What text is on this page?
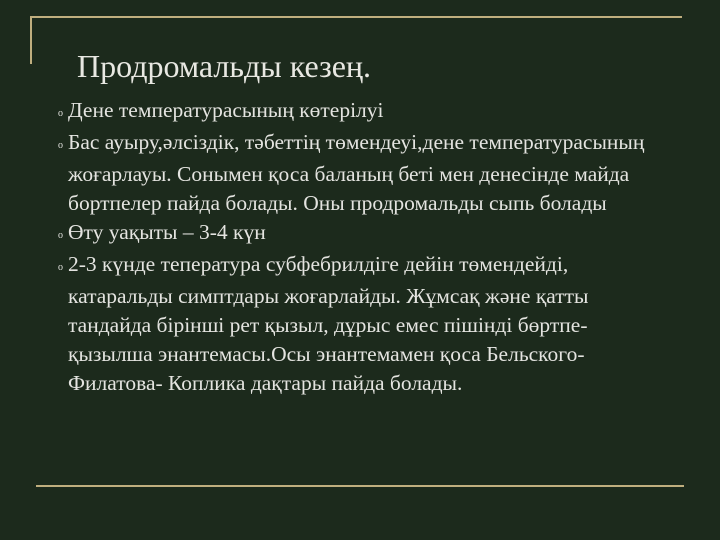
Продромальды кезең.

o Дене температурасының көтерілуі

o Бас ауыру,әлсіздік, тәбеттің төмендеуі,дене температурасының жоғарлауы. Сонымен қоса баланың беті мен денесінде майда бортпелер пайда болады. Оны продромальды сыпь болады

o Өту уақыты – 3-4 күн

o 2-3 күнде тепература субфебрилдіге дейін төмендейді, катаральды симптдары жоғарлайды. Жұмсақ және қатты тандайда бірінші рет қызыл, дұрыс емес пішінді бөртпе- қызылша энантемасы.Осы энантемамен қоса Бельского- Филатова- Коплика дақтары пайда болады.
